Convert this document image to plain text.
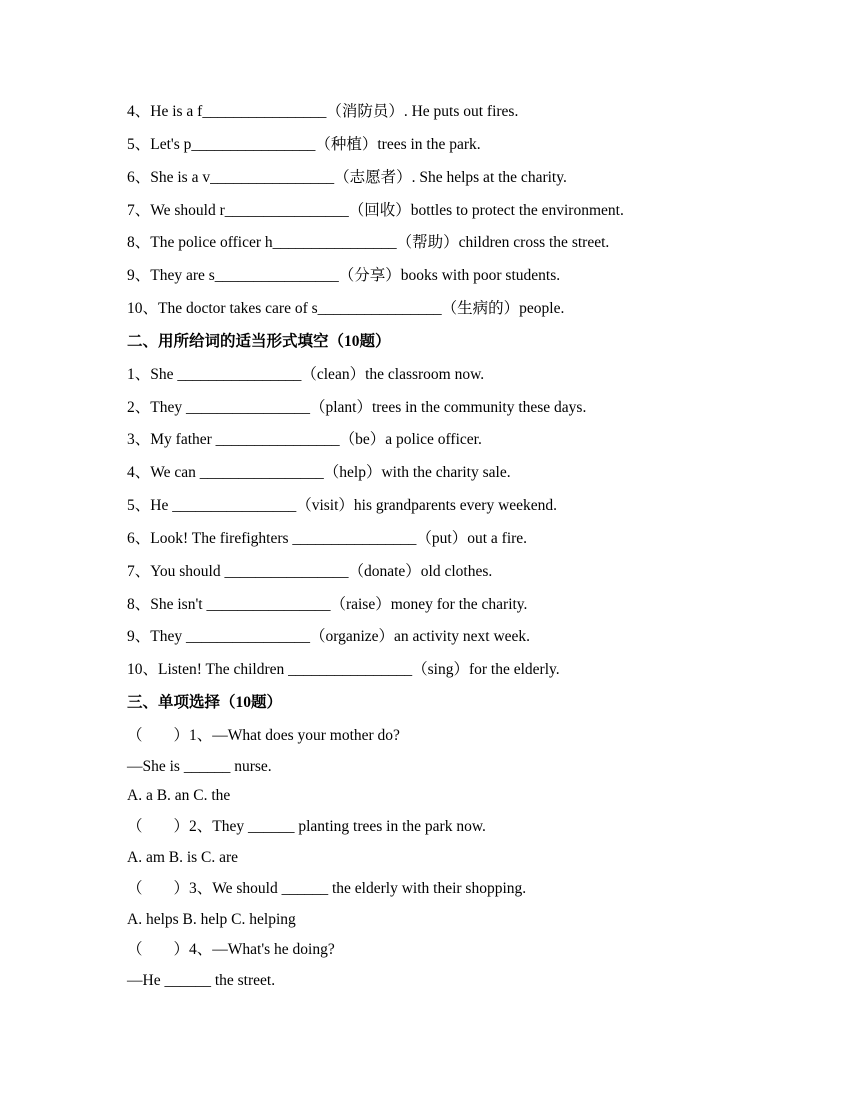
4、He is a f________________（消防员）. He puts out fires.
5、Let's p________________（种植）trees in the park.
6、She is a v________________（志愿者）. She helps at the charity.
7、We should r________________（回收）bottles to protect the environment.
8、The police officer h________________（帮助）children cross the street.
9、They are s________________（分享）books with poor students.
10、The doctor takes care of s________________（生病的）people.
二、用所给词的适当形式填空（10题）
1、She ________________（clean）the classroom now.
2、They ________________（plant）trees in the community these days.
3、My father ________________（be）a police officer.
4、We can ________________（help）with the charity sale.
5、He ________________（visit）his grandparents every weekend.
6、Look! The firefighters ________________（put）out a fire.
7、You should ________________（donate）old clothes.
8、She isn't ________________（raise）money for the charity.
9、They ________________（organize）an activity next week.
10、Listen! The children ________________（sing）for the elderly.
三、单项选择（10题）
（　　）1、—What does your mother do?
—She is ______ nurse.
A. a B. an C. the
（　　）2、They ______ planting trees in the park now.
A. am B. is C. are
（　　）3、We should ______ the elderly with their shopping.
A. helps B. help C. helping
（　　）4、—What's he doing?
—He ______ the street.
